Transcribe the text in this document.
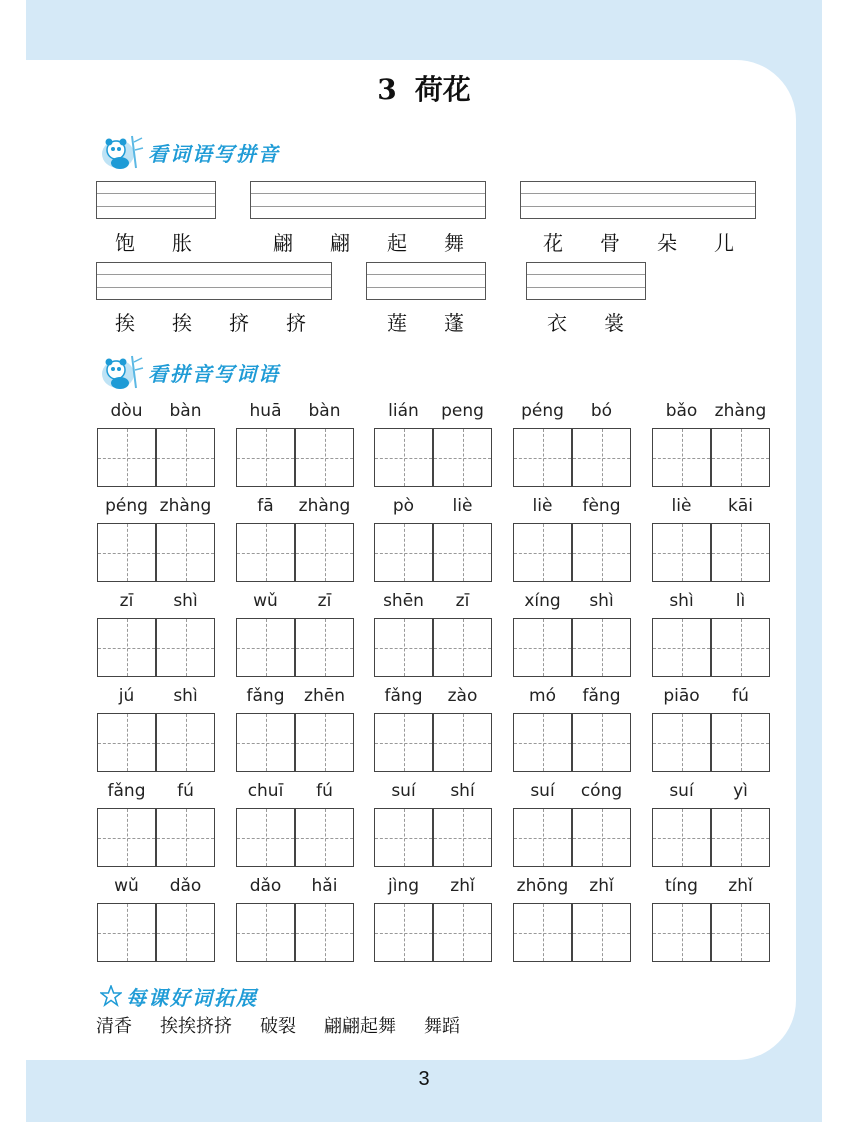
3 荷花
看词语写拼音
饱 胀	翩 翩 起 舞	花 骨 朵 儿
挨 挨 挤 挤	莲 蓬	衣 裳
看拼音写词语
dòu	bàn	huā	bàn	lián	peng	péng	bó	bǎo	zhàng
péng zhàng	fā	zhàng	pò	liè	liè	fèng	liè	kāi
zī	shì	wǔ	zī	shēn	zī	xíng	shì	shì	lì
jú	shì	fǎng	zhēn	fǎng	zào	mó	fǎng	piāo	fú
fǎng	fú	chuī	fú	suí	shí	suí	cóng	suí	yì
wǔ	dǎo	dǎo	hǎi	jìng	zhǐ	zhōng	zhǐ	tíng	zhǐ
每课好词拓展
清香 挨挨挤挤 破裂 翩翩起舞 舞蹈
3
